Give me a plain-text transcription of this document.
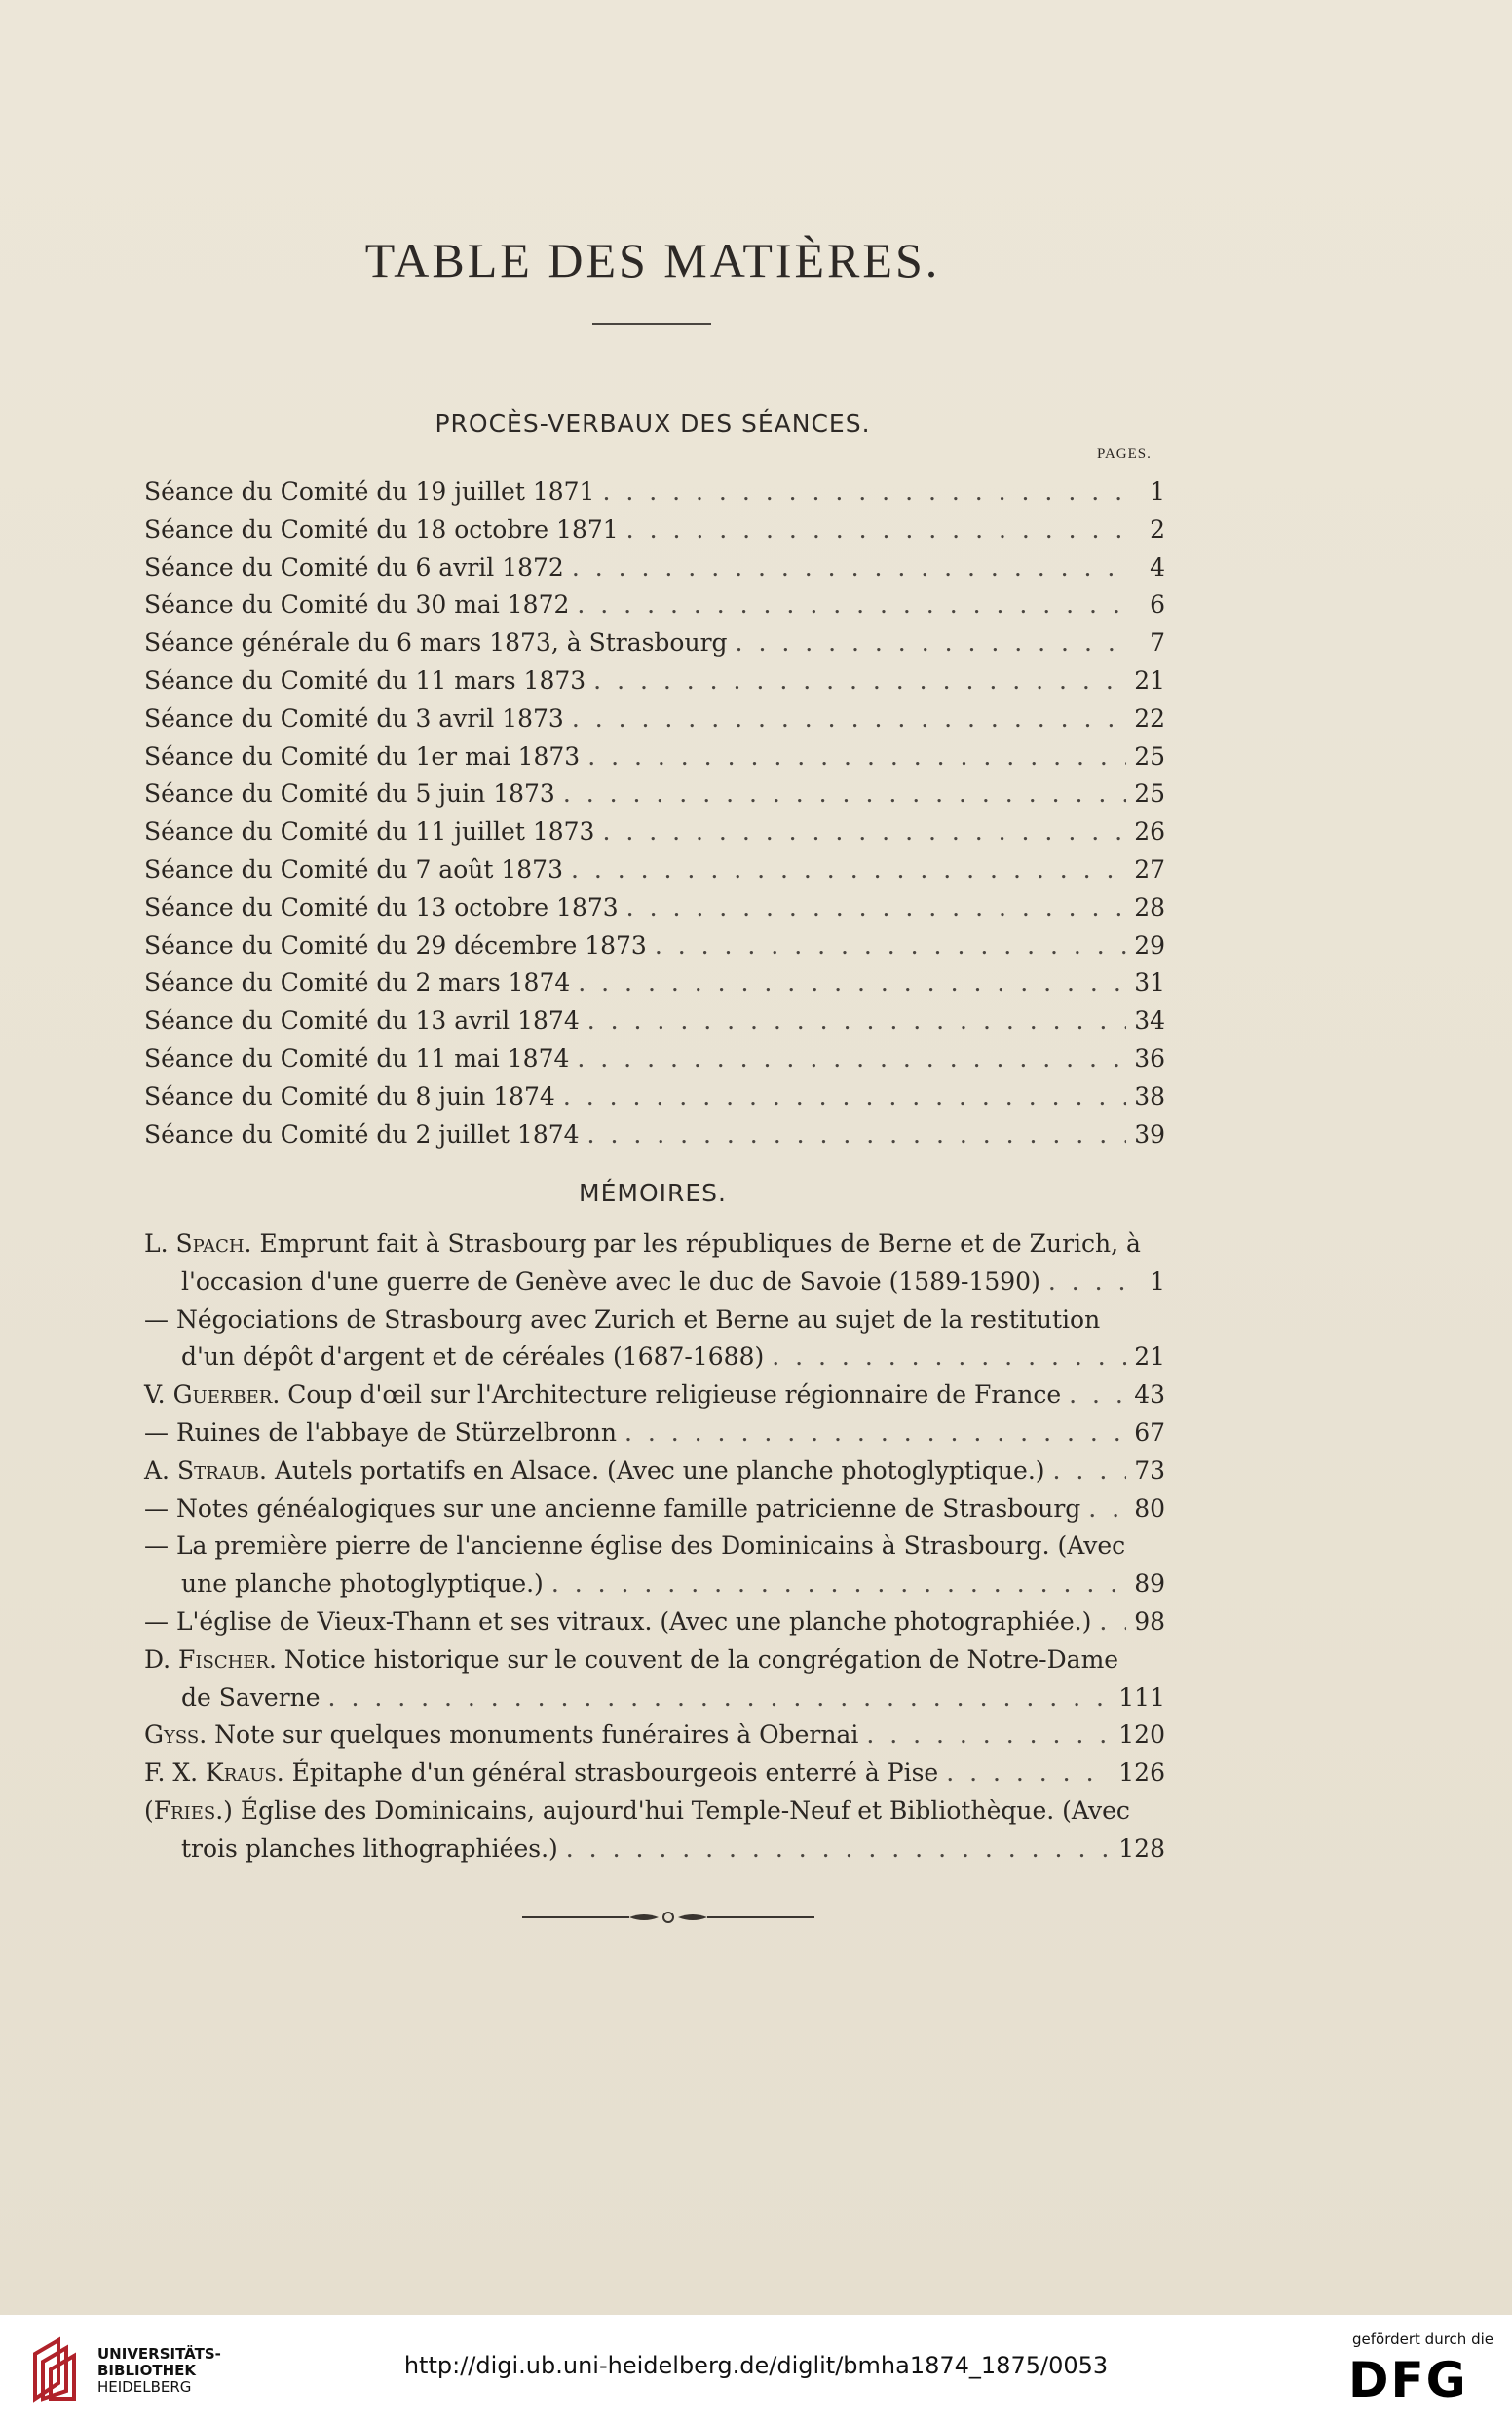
TABLE DES MATIÈRES.
PROCÈS-VERBAUX DES SÉANCES.
PAGES.
Séance du Comité du 19 juillet 1871 . . .	1
Séance du Comité du 18 octobre 1871 . . .	2
Séance du Comité du 6 avril 1872 . . .	4
Séance du Comité du 30 mai 1872 . . .	6
Séance générale du 6 mars 1873, à Strasbourg . . .	7
Séance du Comité du 11 mars 1873 . . .	21
Séance du Comité du 3 avril 1873 . . .	22
Séance du Comité du 1er mai 1873 . . .	25
Séance du Comité du 5 juin 1873 . . .	25
Séance du Comité du 11 juillet 1873 . . .	26
Séance du Comité du 7 août 1873 . . .	27
Séance du Comité du 13 octobre 1873 . . .	28
Séance du Comité du 29 décembre 1873 . . .	29
Séance du Comité du 2 mars 1874 . . .	31
Séance du Comité du 13 avril 1874 . . .	34
Séance du Comité du 11 mai 1874 . . .	36
Séance du Comité du 8 juin 1874 . . .	38
Séance du Comité du 2 juillet 1874 . . .	39
MÉMOIRES.
L. Spach.
Emprunt fait à Strasbourg par les républiques de Berne et de Zurich, à
l'occasion d'une guerre de Genève avec le duc de Savoie (1589-1590) . . .	1
—
Négociations de Strasbourg avec Zurich et Berne au sujet de la restitution
d'un dépôt d'argent et de céréales (1687-1688) . . .	21
V. Guerber.
Coup d'œil sur l'Architecture religieuse régionnaire de France . . .	43
—
Ruines de l'abbaye de Stürzelbronn . . .	67
A. Straub.
Autels portatifs en Alsace. (Avec une planche photoglyptique.) . . .	73
—
Notes généalogiques sur une ancienne famille patricienne de Strasbourg . . . 80
—
La première pierre de l'ancienne église des Dominicains à Strasbourg. (Avec
une planche photoglyptique.) . . .	89
—
L'église de Vieux-Thann et ses vitraux. (Avec une planche photographiée.) . . . 98
D. Fischer.
Notice historique sur le couvent de la congrégation de Notre-Dame
de Saverne . . .	111
Gyss.
Note sur quelques monuments funéraires à Obernai . . .	120
F. X. Kraus.
Épitaphe d'un général strasbourgeois enterré à Pise . . .	126
(Fries.)
Église des Dominicains, aujourd'hui Temple-Neuf et Bibliothèque. (Avec
trois planches lithographiées.) . . .	128
UNIVERSITÄTS-
BIBLIOTHEK
HEIDELBERG
http://digi.ub.uni-heidelberg.de/diglit/bmha1874_1875/0053
gefördert durch die
DFG
